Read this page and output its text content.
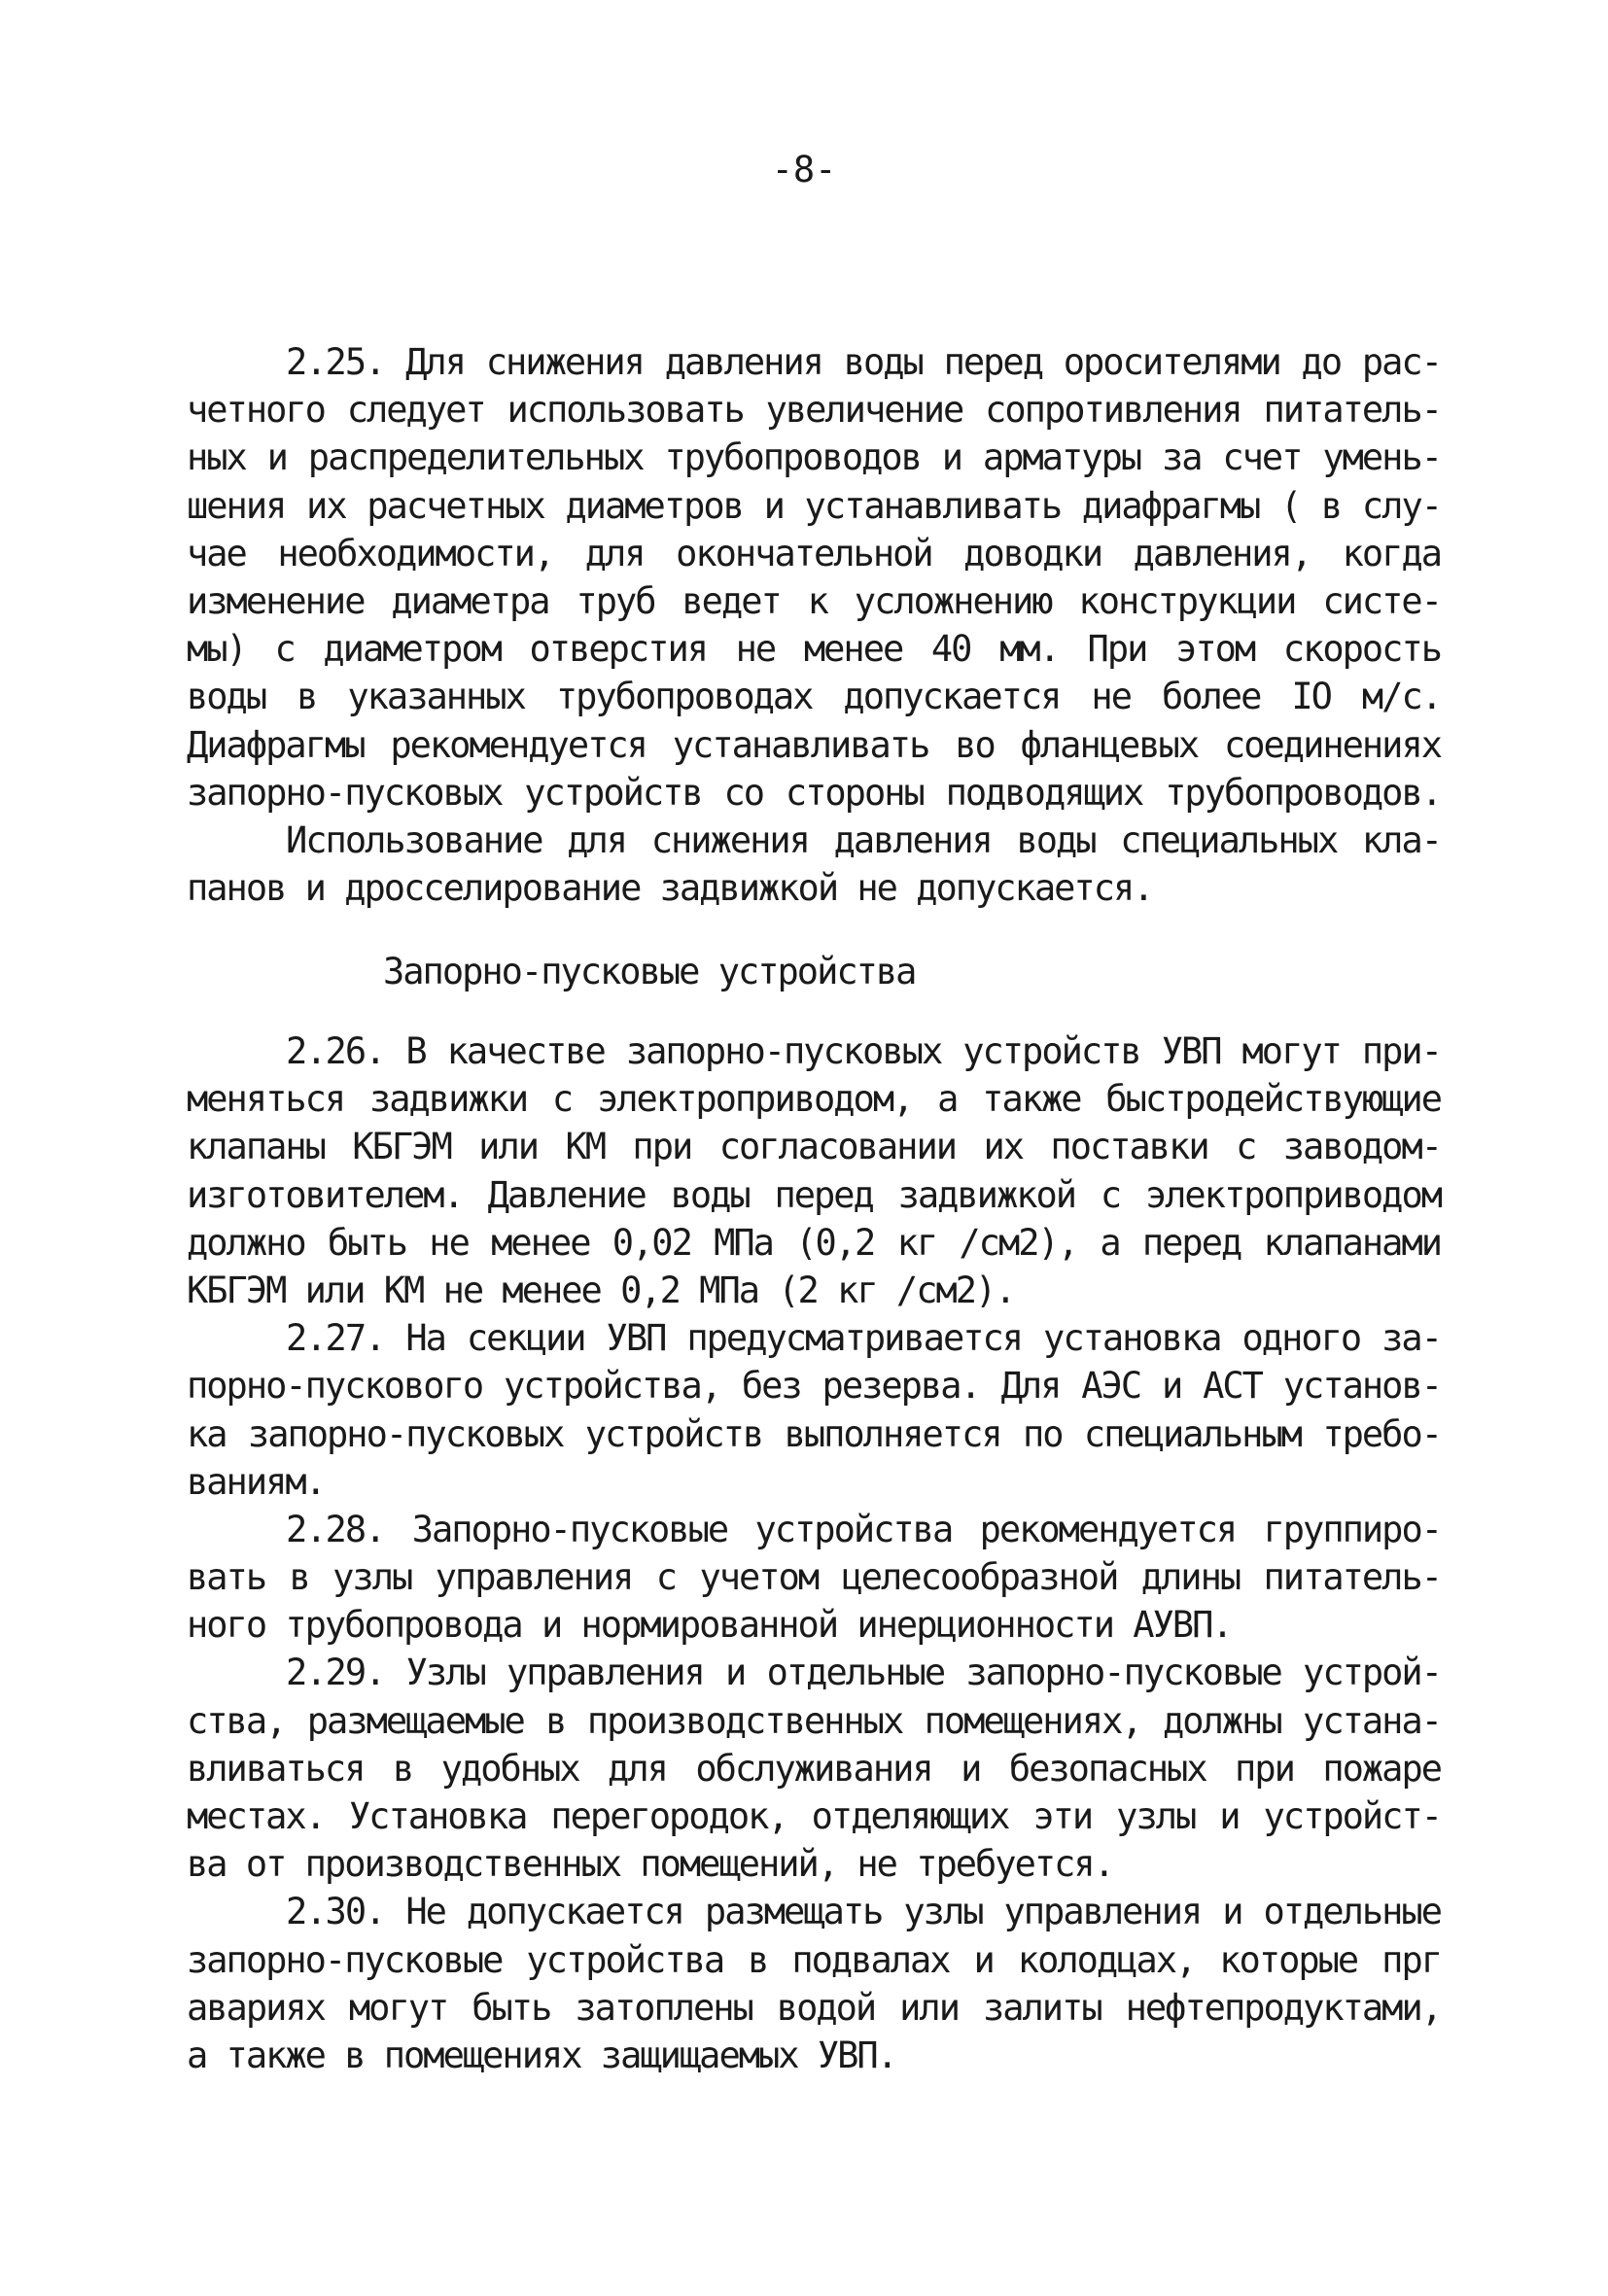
-8-
2.25. Для снижения давления воды перед оросителями до рас-
четного следует использовать увеличение сопротивления питатель-
ных и распределительных трубопроводов и арматуры за счет умень-
шения их расчетных диаметров и устанавливать диафрагмы ( в слу-
чае необходимости, для окончательной доводки давления, когда
изменение диаметра труб ведет к усложнению конструкции систе-
мы) с диаметром отверстия не менее 40 мм. При этом скорость
воды в указанных трубопроводах допускается не более IO м/с.
Диафрагмы рекомендуется устанавливать во фланцевых соединениях
запорно-пусковых устройств со стороны подводящих трубопроводов.
Использование для снижения давления воды специальных кла-
панов и дросселирование задвижкой не допускается.
Запорно-пусковые устройства
2.26. В качестве запорно-пусковых устройств УВП могут при-
меняться задвижки с электроприводом, а также быстродействующие
клапаны КБГЭМ или КМ при согласовании их поставки с заводом-
изготовителем. Давление воды перед задвижкой с электроприводом
должно быть не менее 0,02 МПа (0,2 кг /см2), а перед клапанами
КБГЭМ или КМ не менее 0,2 МПа (2 кг /см2).
2.27. На секции УВП предусматривается установка одного за-
порно-пускового устройства, без резерва. Для АЭС и АСТ установ-
ка запорно-пусковых устройств выполняется по специальным требо-
ваниям.
2.28. Запорно-пусковые устройства рекомендуется группиро-
вать в узлы управления с учетом целесообразной длины питатель-
ного трубопровода и нормированной инерционности АУВП.
2.29. Узлы управления и отдельные запорно-пусковые устрой-
ства, размещаемые в производственных помещениях, должны устана-
вливаться в удобных для обслуживания и безопасных при пожаре
местах. Установка перегородок, отделяющих эти узлы и устройст-
ва от производственных помещений, не требуется.
2.30. Не допускается размещать узлы управления и отдельные
запорно-пусковые устройства в подвалах и колодцах, которые прг
авариях могут быть затоплены водой или залиты нефтепродуктами,
а также в помещениях защищаемых УВП.
